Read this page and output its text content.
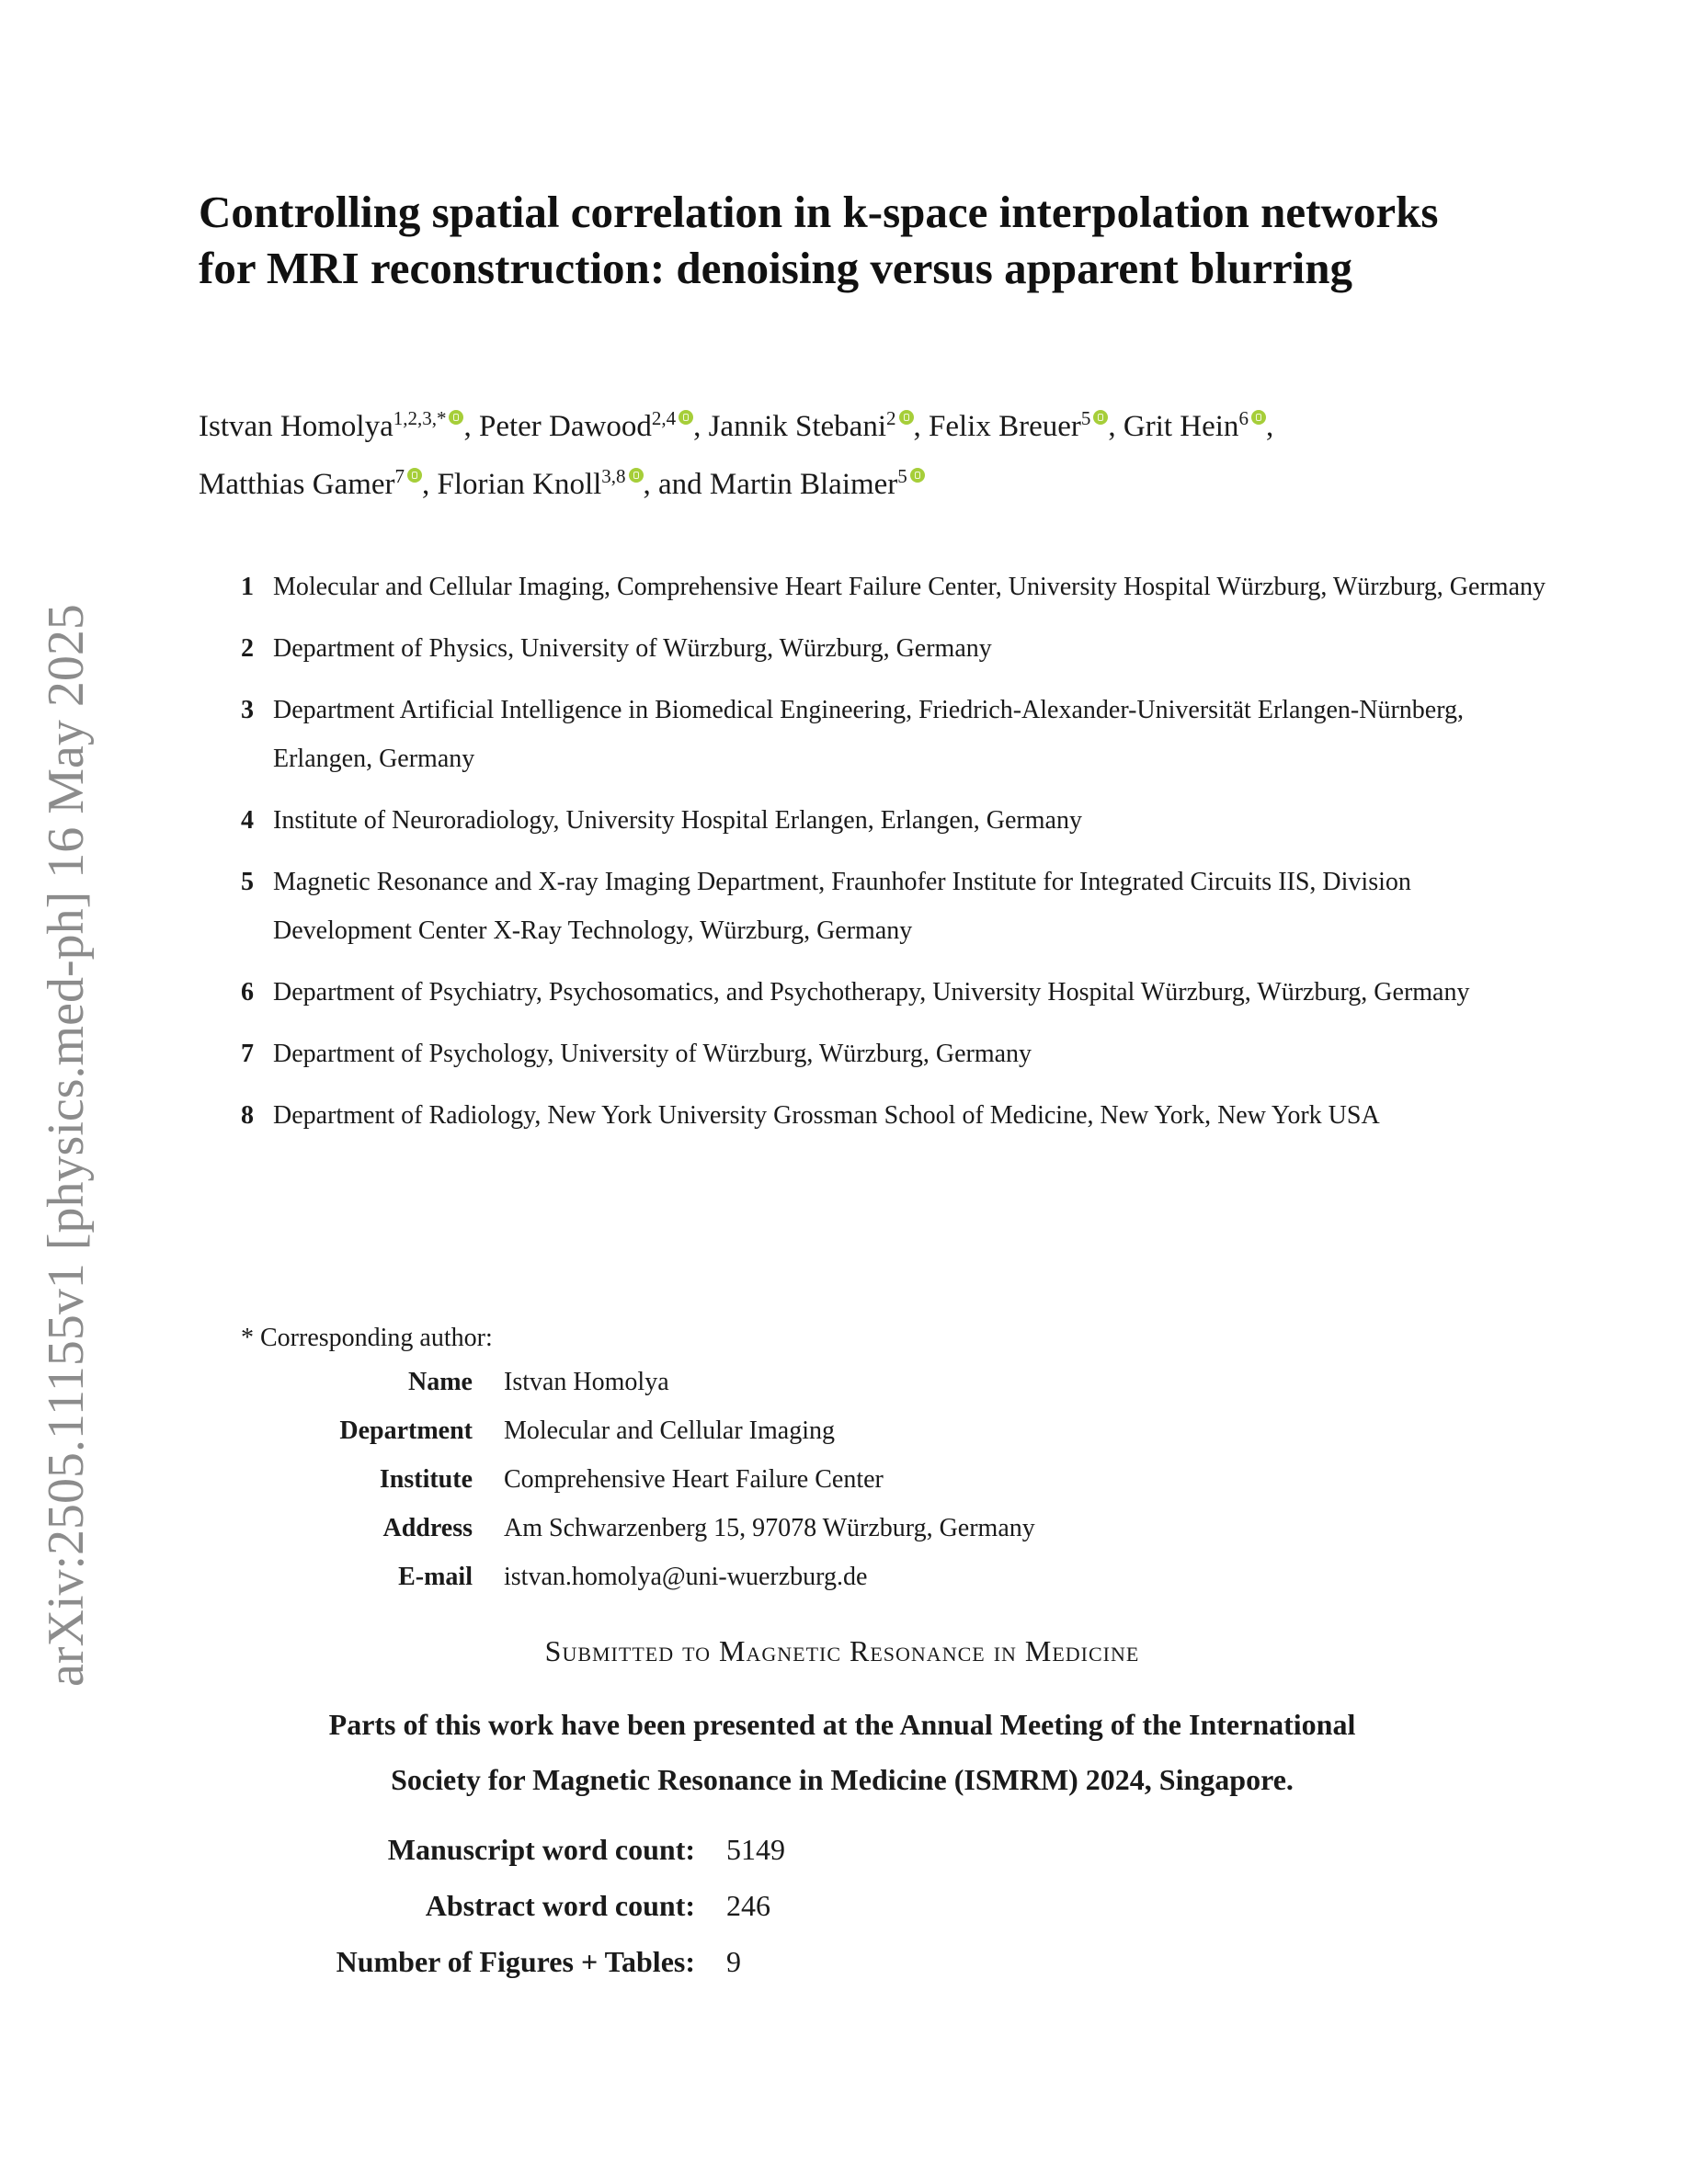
arXiv:2505.11155v1 [physics.med-ph] 16 May 2025
Controlling spatial correlation in k-space interpolation networks for MRI reconstruction: denoising versus apparent blurring
Istvan Homolya$^{1,2,3,*}$ , Peter Dawood$^{2,4}$ , Jannik Stebani$^2$ , Felix Breuer$^5$ , Grit Hein$^6$ ,
Matthias Gamer$^7$ , Florian Knoll$^{3,8}$ , and Martin Blaimer$^5$
1 Molecular and Cellular Imaging, Comprehensive Heart Failure Center, University Hospital Würzburg, Würzburg, Germany
2 Department of Physics, University of Würzburg, Würzburg, Germany
3 Department Artificial Intelligence in Biomedical Engineering, Friedrich-Alexander-Universität Erlangen-Nürnberg, Erlangen, Germany
4 Institute of Neuroradiology, University Hospital Erlangen, Erlangen, Germany
5 Magnetic Resonance and X-ray Imaging Department, Fraunhofer Institute for Integrated Circuits IIS, Division Development Center X-Ray Technology, Würzburg, Germany
6 Department of Psychiatry, Psychosomatics, and Psychotherapy, University Hospital Würzburg, Würzburg, Germany
7 Department of Psychology, University of Würzburg, Würzburg, Germany
8 Department of Radiology, New York University Grossman School of Medicine, New York, New York USA
* Corresponding author:
Name Istvan Homolya
Department Molecular and Cellular Imaging
Institute Comprehensive Heart Failure Center
Address Am Schwarzenberg 15, 97078 Würzburg, Germany
E-mail istvan.homolya@uni-wuerzburg.de
Submitted to Magnetic Resonance in Medicine
Parts of this work have been presented at the Annual Meeting of the International
Society for Magnetic Resonance in Medicine (ISMRM) 2024, Singapore.
Manuscript word count: 5149
Abstract word count: 246
Number of Figures + Tables: 9
